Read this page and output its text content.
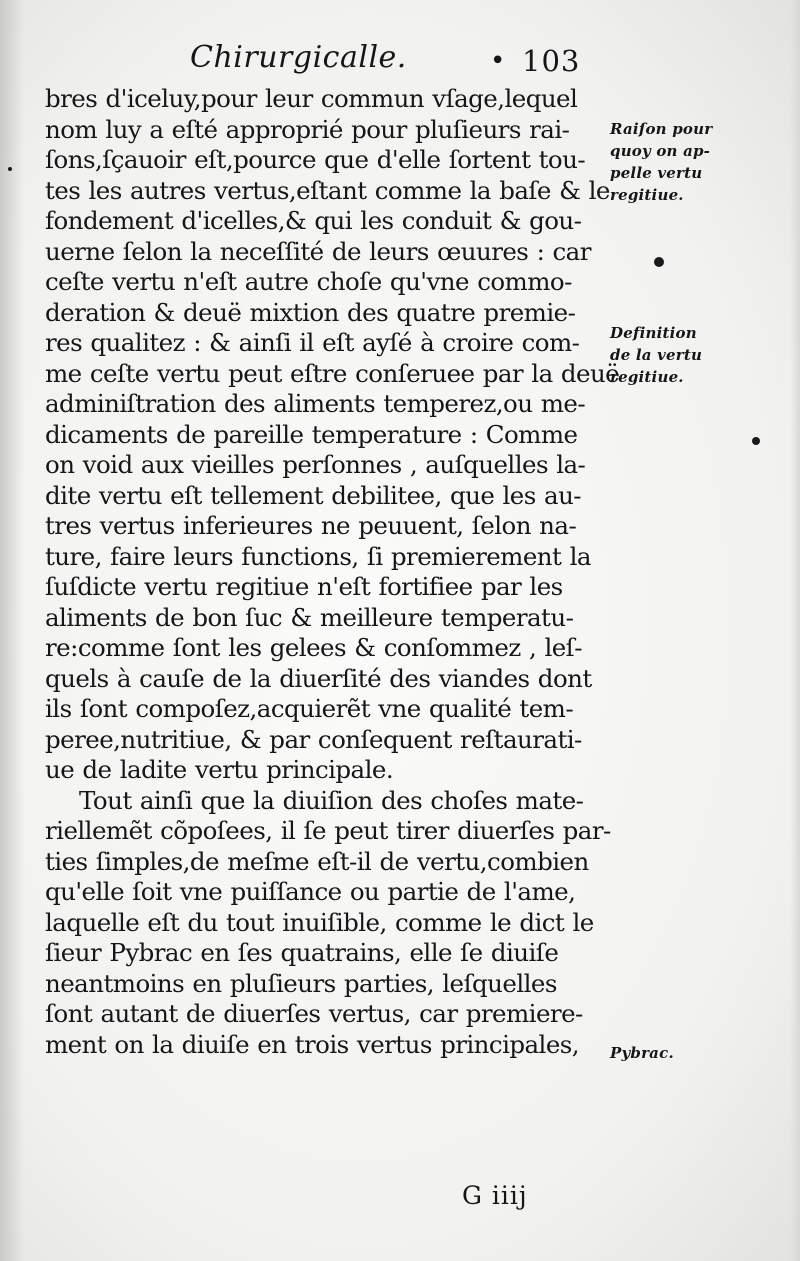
Chirurgicalle.	• 103
bres d'iceluy,pour leur commun vſage,lequel
nom luy a eſté approprié pour pluſieurs rai-
ſons,ſçauoir eſt,pource que d'elle ſortent tou-
tes les autres vertus,eſtant comme la baſe & le
fondement d'icelles,& qui les conduit & gou-
uerne ſelon la neceſſité de leurs œuures : car
ceſte vertu n'eſt autre choſe qu'vne commo-
deration & deuë mixtion des quatre premie-
res qualitez : & ainſi il eſt ayſé à croire com-
me ceſte vertu peut eſtre conſeruee par la deuë
adminiſtration des aliments temperez,ou me-
dicaments de pareille temperature : Comme
on void aux vieilles perſonnes , auſquelles la-
dite vertu eſt tellement debilitee, que les au-
tres vertus inferieures ne peuuent, ſelon na-
ture, faire leurs functions, ſi premierement la
ſuſdicte vertu regitiue n'eſt fortifiee par les
aliments de bon ſuc & meilleure temperatu-
re:comme ſont les gelees & conſommez , leſ-
quels à cauſe de la diuerſité des viandes dont
ils ſont compoſez,acquierẽt vne qualité tem-
peree,nutritiue, & par conſequent reſtaurati-
ue de ladite vertu principale.
Tout ainſi que la diuiſion des choſes mate-
riellemẽt cõpoſees, il ſe peut tirer diuerſes par-
ties ſimples,de meſme eſt-il de vertu,combien
qu'elle ſoit vne puiſſance ou partie de l'ame,
laquelle eſt du tout inuiſible, comme le dict le
ſieur Pybrac en ſes quatrains, elle ſe diuiſe
neantmoins en pluſieurs parties, leſquelles
ſont autant de diuerſes vertus, car premiere-
ment on la diuiſe en trois vertus principales,
Raiſon pour
quoy on ap-
pelle vertu
regitiue.
Definition
de la vertu
regitiue.
Pybrac.
G iiij
